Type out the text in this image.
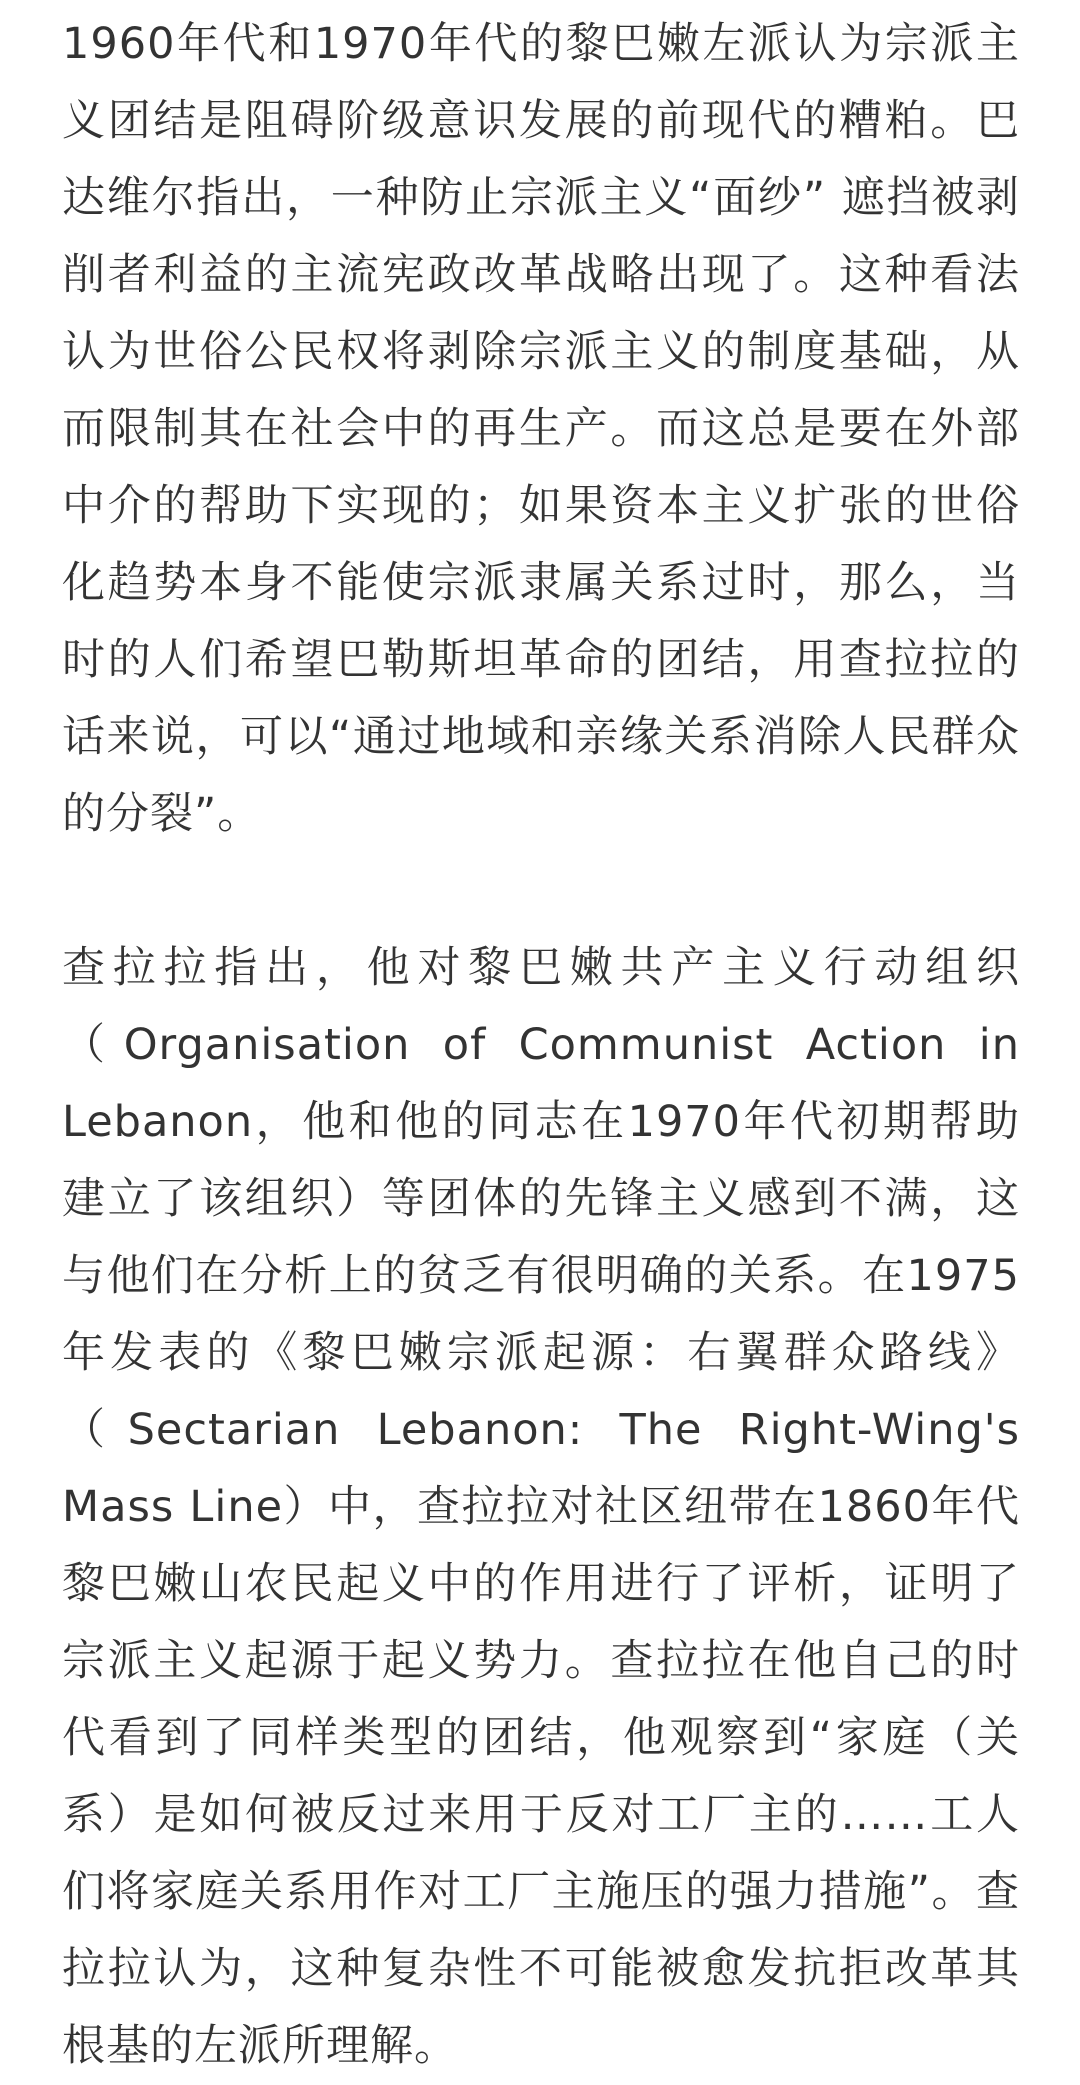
1960年代和1970年代的黎巴嫩左派认为宗派主义团结是阻碍阶级意识发展的前现代的糟粕。巴达维尔指出，一种防止宗派主义“面纱” 遮挡被剥削者利益的主流宪政改革战略出现了。这种看法认为世俗公民权将剥除宗派主义的制度基础，从而限制其在社会中的再生产。而这总是要在外部中介的帮助下实现的；如果资本主义扩张的世俗化趋势本身不能使宗派隶属关系过时，那么，当时的人们希望巴勒斯坦革命的团结，用查拉拉的话来说，可以“通过地域和亲缘关系消除人民群众的分裂”。

查拉拉指出，他对黎巴嫩共产主义行动组织（Organisation of Communist Action in Lebanon，他和他的同志在1970年代初期帮助建立了该组织）等团体的先锋主义感到不满，这与他们在分析上的贫乏有很明确的关系。在1975年发表的《黎巴嫩宗派起源：右翼群众路线》（Sectarian Lebanon: The Right-Wing's Mass Line）中，查拉拉对社区纽带在1860年代黎巴嫩山农民起义中的作用进行了评析，证明了宗派主义起源于起义势力。查拉拉在他自己的时代看到了同样类型的团结，他观察到“家庭（关系）是如何被反过来用于反对工厂主的……工人们将家庭关系用作对工厂主施压的强力措施”。查拉拉认为，这种复杂性不可能被愈发抗拒改革其根基的左派所理解。
